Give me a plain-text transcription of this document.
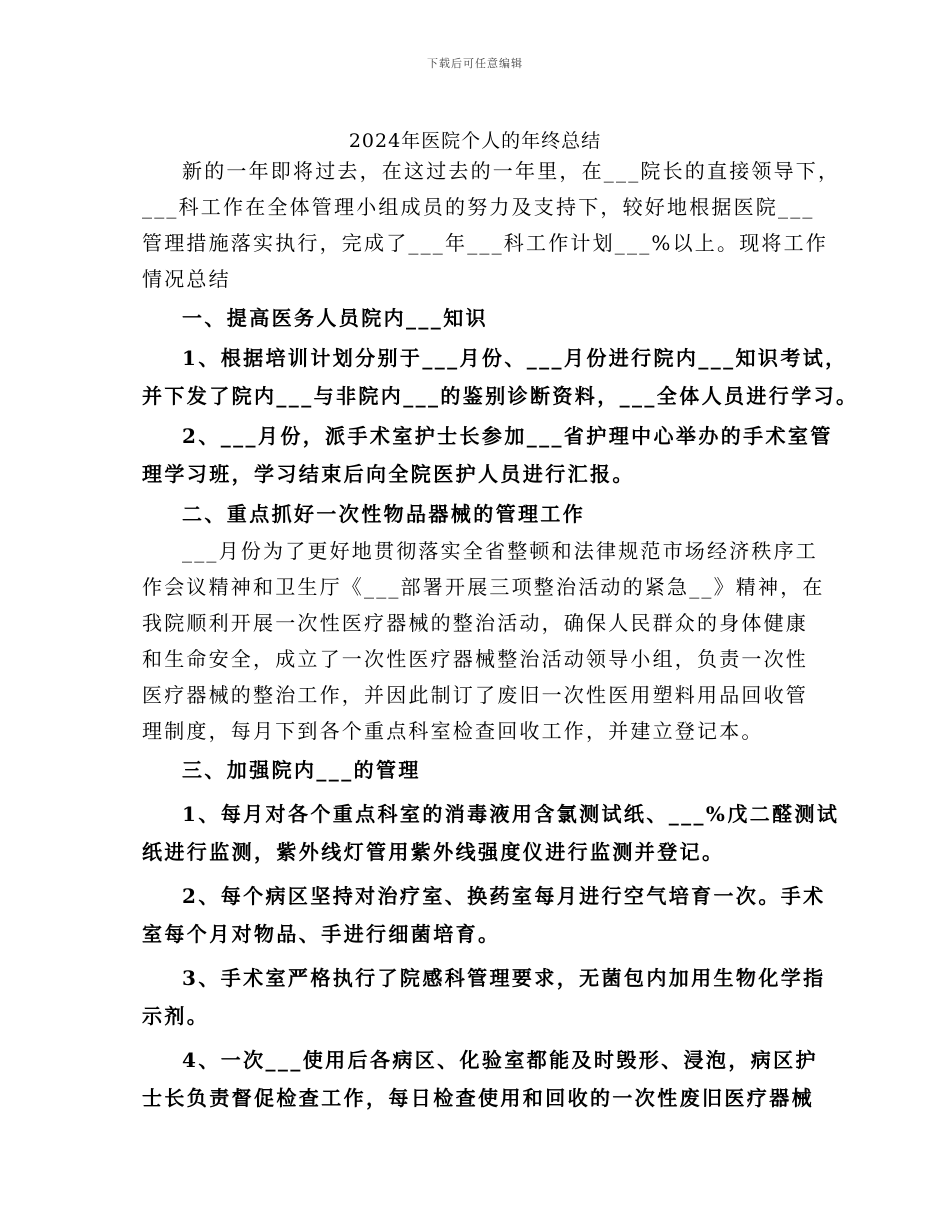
下载后可任意编辑
2024年医院个人的年终总结

新的一年即将过去，在这过去的一年里，在___院长的直接领导下，
___科工作在全体管理小组成员的努力及支持下，较好地根据医院___
管理措施落实执行，完成了___年___科工作计划___%以上。现将工作
情况总结

一、提高医务人员院内___知识

1、根据培训计划分别于___月份、___月份进行院内___知识考试，
并下发了院内___与非院内___的鉴别诊断资料，___全体人员进行学习。

2、___月份，派手术室护士长参加___省护理中心举办的手术室管
理学习班，学习结束后向全院医护人员进行汇报。

二、重点抓好一次性物品器械的管理工作

___月份为了更好地贯彻落实全省整顿和法律规范市场经济秩序工
作会议精神和卫生厅《___部署开展三项整治活动的紧急__》精神，在
我院顺利开展一次性医疗器械的整治活动，确保人民群众的身体健康
和生命安全，成立了一次性医疗器械整治活动领导小组，负责一次性
医疗器械的整治工作，并因此制订了废旧一次性医用塑料用品回收管
理制度，每月下到各个重点科室检查回收工作，并建立登记本。

三、加强院内___的管理

1、每月对各个重点科室的消毒液用含氯测试纸、___%戊二醛测试
纸进行监测，紫外线灯管用紫外线强度仪进行监测并登记。

2、每个病区坚持对治疗室、换药室每月进行空气培育一次。手术
室每个月对物品、手进行细菌培育。

3、手术室严格执行了院感科管理要求，无菌包内加用生物化学指
示剂。

4、一次___使用后各病区、化验室都能及时毁形、浸泡，病区护
士长负责督促检查工作，每日检查使用和回收的一次性废旧医疗器械
